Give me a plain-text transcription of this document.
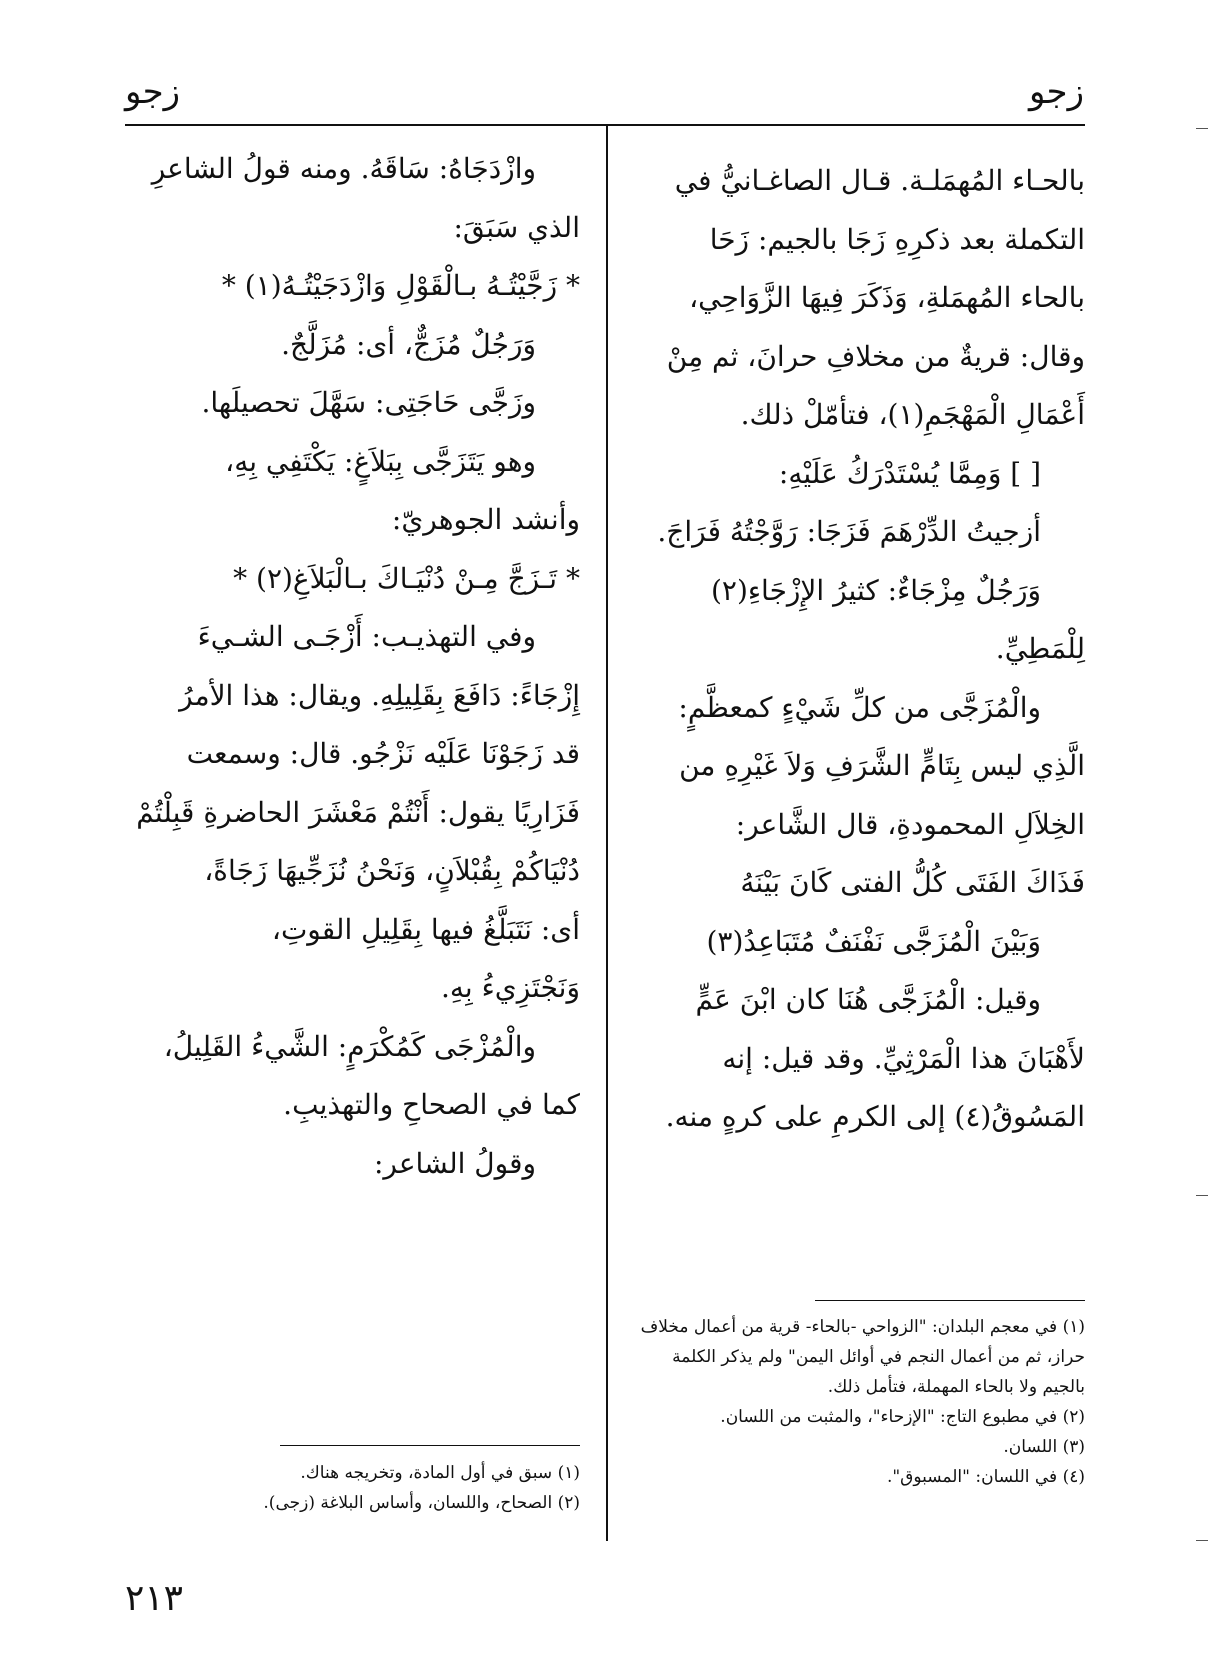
زجو
زجو

بالحـاء المُهمَلـة. قـال الصاغـانيُّ في

التكملة بعد ذكرِهِ زَجَا بالجيم: زَحَا

بالحاء المُهمَلةِ، وَذَكَرَ فِيهَا الزَّوَاحِي،

وقال: قريةٌ من مخلافِ حرانَ، ثم مِنْ

أَعْمَالِ الْمَهْجَمِ(١)، فتأمّلْ ذلك.

[ ] وَمِمَّا يُسْتَدْرَكُ عَلَيْهِ:

أزجيتُ الدِّرْهَمَ فَزَجَا: رَوَّجْتُهُ فَرَاجَ.

وَرَجُلٌ مِزْجَاءٌ: كثيرُ الإِزْجَاءِ(٢)

لِلْمَطِيِّ.

والْمُزَجَّى من كلِّ شَيْءٍ كمعظَّمٍ:

الَّذِي ليس بِتَامٍّ الشَّرَفِ وَلاَ غَيْرِهِ من

الخِلاَلِ المحمودةِ، قال الشَّاعر:

فَذَاكَ الفَتَى كُلُّ الفتى كَانَ بَيْنَهُ

وَبَيْنَ الْمُزَجَّى نَفْنَفٌ مُتَبَاعِدُ(٣)

وقيل: الْمُزَجَّى هُنَا كان ابْنَ عَمٍّ

لأَهْبَانَ هذا الْمَرْثِيِّ. وقد قيل: إنه

المَسُوقُ(٤) إلى الكرمِ على كرهٍ منه.

(١) في معجم البلدان: "الزواحي -بالحاء- قرية من أعمال مخلاف حراز، ثم من أعمال النجم في أوائل اليمن" ولم يذكر الكلمة بالجيم ولا بالحاء المهملة، فتأمل ذلك.

(٢) في مطبوع التاج: "الإزحاء"، والمثبت من اللسان.

(٣) اللسان.

(٤) في اللسان: "المسبوق".

وازْدَجَاهُ: سَاقَهُ. ومنه قولُ الشاعرِ

الذي سَبَقَ:

* زَجَّيْتُـهُ بـالْقَوْلِ وَازْدَجَيْتُـهُ(١) *

وَرَجُلٌ مُزَجٌّ، أى: مُزَلَّجٌ.

وزَجَّى حَاجَتِى: سَهَّلَ تحصيلَها.

وهو يَتَزَجَّى بِبَلاَغٍ: يَكْتَفِي بِهِ،

وأنشد الجوهريّ:

* تَـزَجَّ مِـنْ دُنْيَـاكَ بـالْبَلاَغِ(٢) *

وفي التهذيـب: أَزْجَـى الشـيءَ

إِزْجَاءً: دَافَعَ بِقَلِيلِهِ. ويقال: هذا الأمرُ

قد زَجَوْنَا عَلَيْه نَزْجُو. قال: وسمعت

فَزَارِيًا يقول: أَنْتُمْ مَعْشَرَ الحاضرةِ قَبِلْتُمْ

دُنْيَاكُمْ بِقُبْلاَنٍ، وَنَحْنُ نُزَجِّيهَا زَجَاةً،

أى: نَتَبَلَّغُ فيها بِقَلِيلِ القوتِ،

وَنَجْتَزِيءُ بِهِ.

والْمُزْجَى كَمُكْرَمٍ: الشَّيءُ القَلِيلُ،

كما في الصحاحِ والتهذيبِ.

وقولُ الشاعر:

(١) سبق في أول المادة، وتخريجه هناك.

(٢) الصحاح، واللسان، وأساس البلاغة (زجى).

٢١٣
